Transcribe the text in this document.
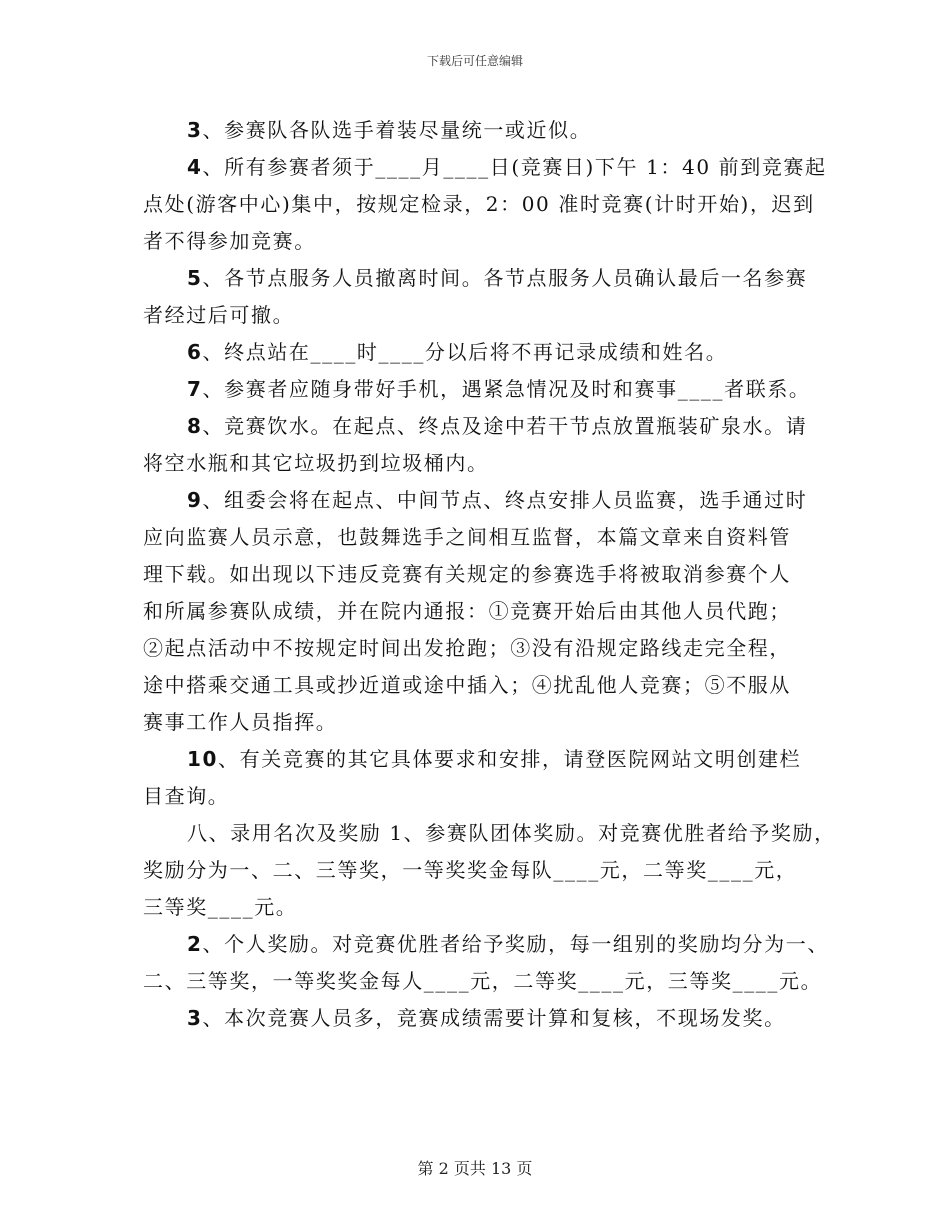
下载后可任意编辑
3、参赛队各队选手着装尽量统一或近似。
4、所有参赛者须于____月____日(竞赛日)下午 1：40 前到竞赛起
点处(游客中心)集中，按规定检录，2：00 准时竞赛(计时开始)，迟到
者不得参加竞赛。
5、各节点服务人员撤离时间。各节点服务人员确认最后一名参赛
者经过后可撤。
6、终点站在____时____分以后将不再记录成绩和姓名。
7、参赛者应随身带好手机，遇紧急情况及时和赛事____者联系。
8、竞赛饮水。在起点、终点及途中若干节点放置瓶装矿泉水。请
将空水瓶和其它垃圾扔到垃圾桶内。
9、组委会将在起点、中间节点、终点安排人员监赛，选手通过时
应向监赛人员示意，也鼓舞选手之间相互监督，本篇文章来自资料管
理下载。如出现以下违反竞赛有关规定的参赛选手将被取消参赛个人
和所属参赛队成绩，并在院内通报：①竞赛开始后由其他人员代跑；
②起点活动中不按规定时间出发抢跑；③没有沿规定路线走完全程，
途中搭乘交通工具或抄近道或途中插入；④扰乱他人竞赛；⑤不服从
赛事工作人员指挥。
10、有关竞赛的其它具体要求和安排，请登医院网站文明创建栏
目查询。
八、录用名次及奖励 1、参赛队团体奖励。对竞赛优胜者给予奖励，
奖励分为一、二、三等奖，一等奖奖金每队____元，二等奖____元，
三等奖____元。
2、个人奖励。对竞赛优胜者给予奖励，每一组别的奖励均分为一、
二、三等奖，一等奖奖金每人____元，二等奖____元，三等奖____元。
3、本次竞赛人员多，竞赛成绩需要计算和复核，不现场发奖。
第 2 页共 13 页
